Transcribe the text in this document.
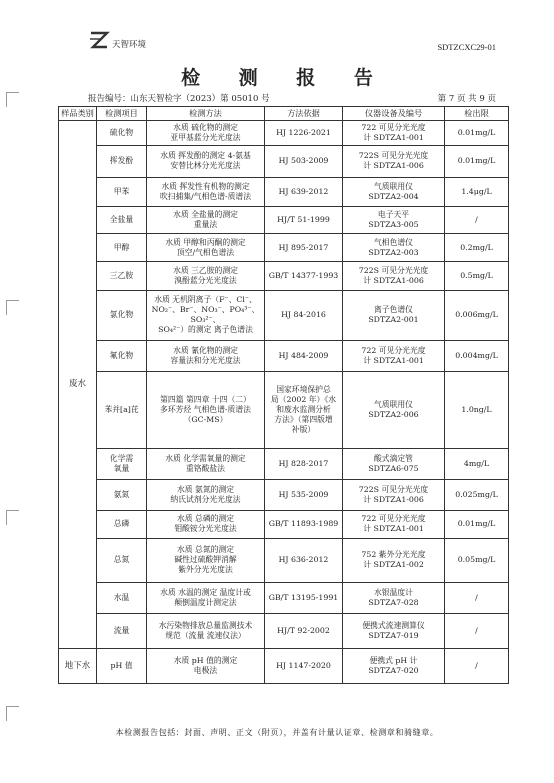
天智环境	SDTZCXC29-01
检 测 报 告
报告编号：山东天智检字（2023）第 05010 号	第 7 页 共 9 页
样品类别	检测项目	检测方法	方法依据	仪器设备及编号	检出限
废水	硫化物	水质 硫化物的测定
亚甲基蓝分光光度法	HJ 1226-2021	722 可见分光光度
计 SDTZA1-001	0.01mg/L
	挥发酚	水质 挥发酚的测定 4-氨基
安替比林分光光度法	HJ 503-2009	722S 可见分光光度
计 SDTZA1-006	0.01mg/L
	甲苯	水质 挥发性有机物的测定
吹扫捕集/气相色谱-质谱法	HJ 639-2012	气质联用仪
SDTZA2-004	1.4μg/L
	全盐量	水质 全盐量的测定
重量法	HJ/T 51-1999	电子天平
SDTZA3-005	/
	甲醇	水质 甲醇和丙酮的测定
顶空/气相色谱法	HJ 895-2017	气相色谱仪
SDTZA2-003	0.2mg/L
	三乙胺	水质 三乙胺的测定
溴酚蓝分光光度法	GB/T 14377-1993	722S 可见分光光度
计 SDTZA1-006	0.5mg/L
	氯化物	水质 无机阴离子（F⁻、Cl⁻、
NO₂⁻、Br⁻、NO₃⁻、PO₄³⁻、SO₃²⁻、
SO₄²⁻）的测定 离子色谱法	HJ 84-2016	离子色谱仪
SDTZA2-001	0.006mg/L
	氟化物	水质 氰化物的测定
容量法和分光光度法	HJ 484-2009	722 可见分光光度
计 SDTZA1-001	0.004mg/L
	苯并[a]芘	第四篇 第四章 十四（二）
多环芳烃 气相色谱-质谱法
（GC-MS）	国家环境保护总
局（2002 年）《水
和废水监测分析
方法》（第四版增
补版）	气质联用仪
SDTZA2-006	1.0ng/L
	化学需
氧量	水质 化学需氧量的测定
重铬酸盐法	HJ 828-2017	酸式滴定管
SDTZA6-075	4mg/L
	氨氮	水质 氨氮的测定
纳氏试剂分光光度法	HJ 535-2009	722S 可见分光光度
计 SDTZA1-006	0.025mg/L
	总磷	水质 总磷的测定
钼酸铵分光光度法	GB/T 11893-1989	722 可见分光光度
计 SDTZA1-001	0.01mg/L
	总氮	水质 总氮的测定
碱性过硫酸钾消解
紫外分光光度法	HJ 636-2012	752 紫外分光光度
计 SDTZA1-002	0.05mg/L
	水温	水质 水温的测定 温度计或
颠倒温度计测定法	GB/T 13195-1991	水银温度计
SDTZA7-028	/
	流量	水污染物排放总量监测技术
规范（流量 流速仪法）	HJ/T 92-2002	便携式流速测算仪
SDTZA7-019	/
地下水	pH 值	水质 pH 值的测定
电极法	HJ 1147-2020	便携式 pH 计
SDTZA7-020	/
本检测报告包括：封面、声明、正文（附页），并盖有计量认证章、检测章和骑缝章。
